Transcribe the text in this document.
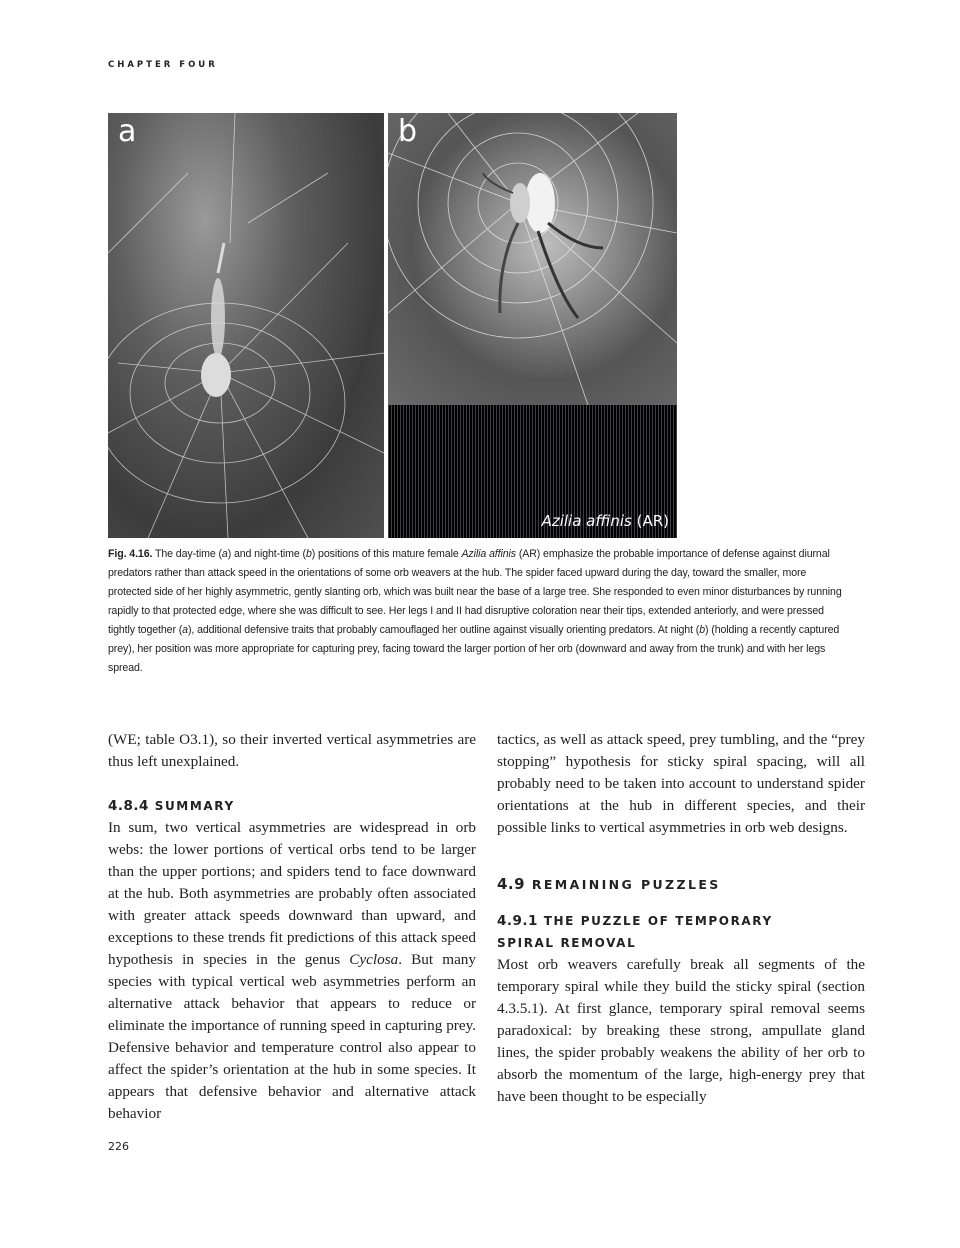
CHAPTER FOUR
a	b
Azilia affinis (AR)
Fig. 4.16. The day-time (a) and night-time (b) positions of this mature female Azilia affinis (AR) emphasize the probable importance of defense against diurnal predators rather than attack speed in the orientations of some orb weavers at the hub. The spider faced upward during the day, toward the smaller, more protected side of her highly asymmetric, gently slanting orb, which was built near the base of a large tree. She responded to even minor disturbances by running rapidly to that protected edge, where she was difficult to see. Her legs I and II had disruptive coloration near their tips, extended anteriorly, and were pressed tightly together (a), additional defensive traits that probably camouflaged her outline against visually orienting predators. At night (b) (holding a recently captured prey), her position was more appropriate for capturing prey, facing toward the larger portion of her orb (downward and away from the trunk) and with her legs spread.

(WE; table O3.1), so their inverted vertical asymmetries are thus left unexplained.

4.8.4 SUMMARY

In sum, two vertical asymmetries are widespread in orb webs: the lower portions of vertical orbs tend to be larger than the upper portions; and spiders tend to face downward at the hub. Both asymmetries are probably often associated with greater attack speeds downward than upward, and exceptions to these trends fit predictions of this attack speed hypothesis in species in the genus Cyclosa. But many species with typical vertical web asymmetries perform an alternative attack behavior that appears to reduce or eliminate the importance of running speed in capturing prey. Defensive behavior and temperature control also appear to affect the spider’s orientation at the hub in some species. It appears that defensive behavior and alternative attack behavior

tactics, as well as attack speed, prey tumbling, and the “prey stopping” hypothesis for sticky spiral spacing, will all probably need to be taken into account to understand spider orientations at the hub in different species, and their possible links to vertical asymmetries in orb web designs.

4.9 REMAINING PUZZLES
4.9.1 THE PUZZLE OF TEMPORARY
SPIRAL REMOVAL

Most orb weavers carefully break all segments of the temporary spiral while they build the sticky spiral (section 4.3.5.1). At first glance, temporary spiral removal seems paradoxical: by breaking these strong, ampullate gland lines, the spider probably weakens the ability of her orb to absorb the momentum of the large, high-energy prey that have been thought to be especially

226
